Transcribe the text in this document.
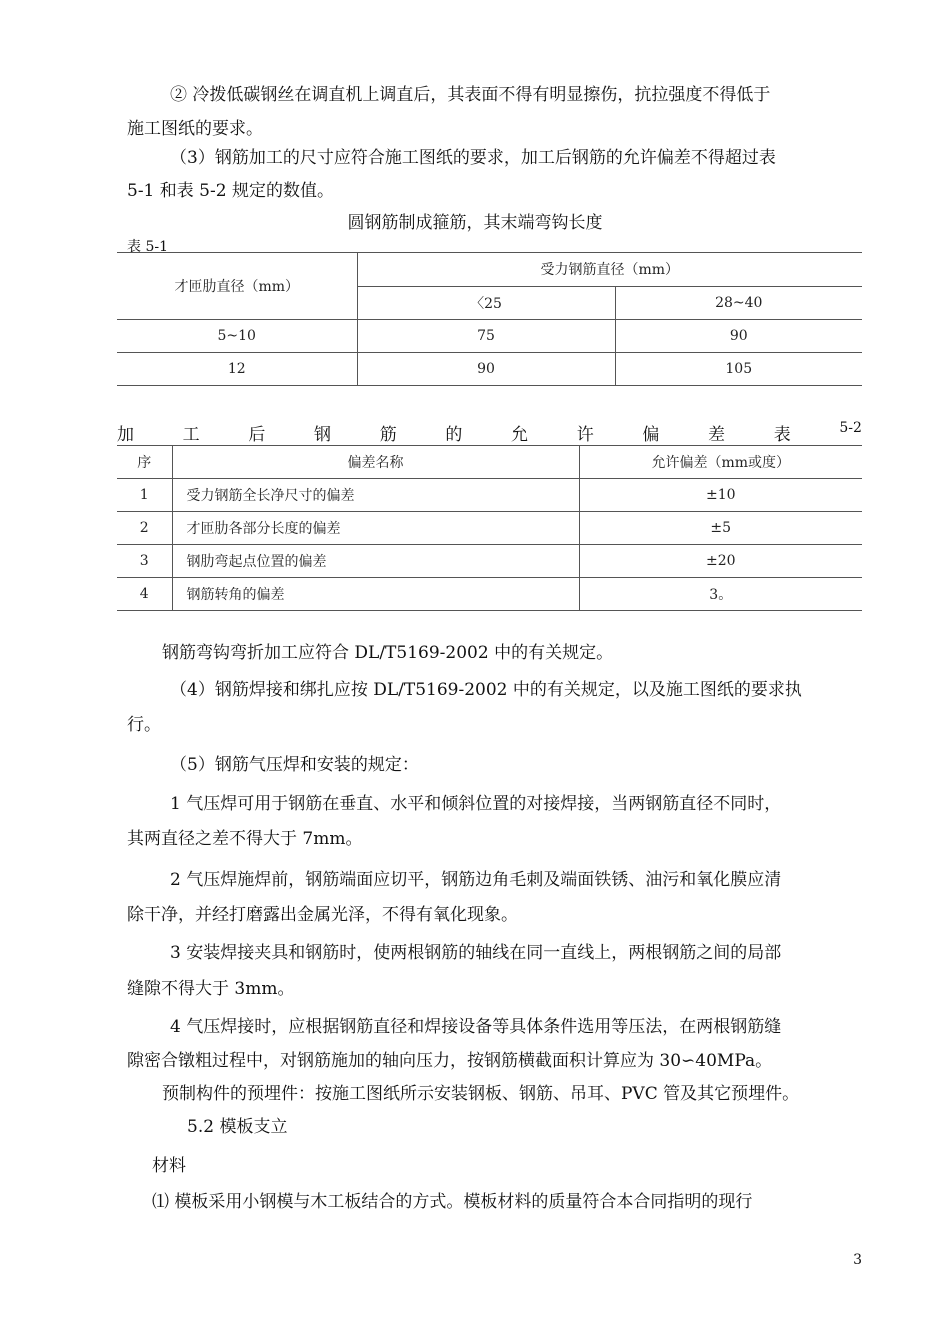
② 冷拨低碳钢丝在调直机上调直后，其表面不得有明显擦伤，抗拉强度不得低于
施工图纸的要求。
（3）钢筋加工的尺寸应符合施工图纸的要求，加工后钢筋的允许偏差不得超过表
5-1 和表 5-2 规定的数值。
圆钢筋制成箍筋，其末端弯钩长度
表 5-1
才匝肋直径（mm）	受力钢筋直径（mm）	
	〈25	28~40
5~10	75	90
12	90	105
加	工	后	钢	筋	的	允	许	偏	差	表	5-2
序	偏差名称	允许偏差（mm或度）
1	受力钢筋全长净尺寸的偏差	±10
2	才匝肋各部分长度的偏差	±5
3	钢肋弯起点位置的偏差	±20
4	钢筋转角的偏差	3。
钢筋弯钩弯折加工应符合 DL/T5169-2002 中的有关规定。
（4）钢筋焊接和绑扎应按 DL/T5169-2002 中的有关规定，以及施工图纸的要求执
行。
（5）钢筋气压焊和安装的规定：
1 气压焊可用于钢筋在垂直、水平和倾斜位置的对接焊接，当两钢筋直径不同时，
其两直径之差不得大于 7mm。
2 气压焊施焊前，钢筋端面应切平，钢筋边角毛刺及端面铁锈、油污和氧化膜应清
除干净，并经打磨露出金属光泽，不得有氧化现象。
3 安装焊接夹具和钢筋时，使两根钢筋的轴线在同一直线上，两根钢筋之间的局部
缝隙不得大于 3mm。
4 气压焊接时，应根据钢筋直径和焊接设备等具体条件选用等压法，在两根钢筋缝
隙密合镦粗过程中，对钢筋施加的轴向压力，按钢筋横截面积计算应为 30∽40MPa。
预制构件的预埋件：按施工图纸所示安装钢板、钢筋、吊耳、PVC 管及其它预埋件。
5.2 模板支立
材料
⑴ 模板采用小钢模与木工板结合的方式。模板材料的质量符合本合同指明的现行
3
